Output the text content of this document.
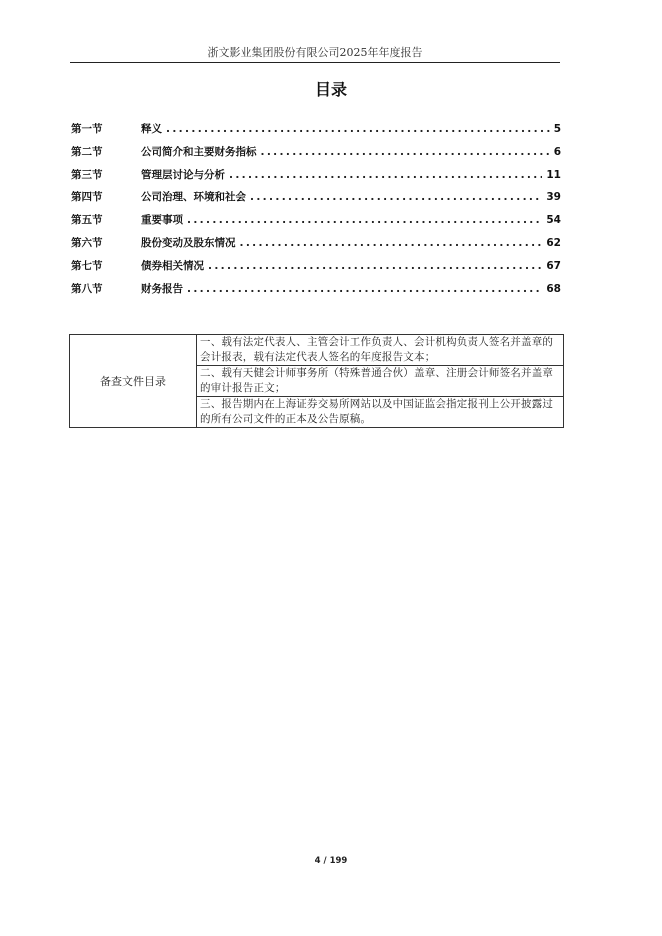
浙文影业集团股份有限公司2025年年度报告
目录
第一节	释义 .....	5
第二节	公司简介和主要财务指标 .....	6
第三节	管理层讨论与分析 .....	11
第四节	公司治理、环境和社会 .....	39
第五节	重要事项 .....	54
第六节	股份变动及股东情况 .....	62
第七节	债券相关情况 .....	67
第八节	财务报告 .....	68
备查文件目录	一、载有法定代表人、主管会计工作负责人、会计机构负责人签名并盖章的会计报表，载有法定代表人签名的年度报告文本；
二、载有天健会计师事务所（特殊普通合伙）盖章、注册会计师签名并盖章的审计报告正文；
三、报告期内在上海证券交易所网站以及中国证监会指定报刊上公开披露过的所有公司文件的正本及公告原稿。
4 / 199
